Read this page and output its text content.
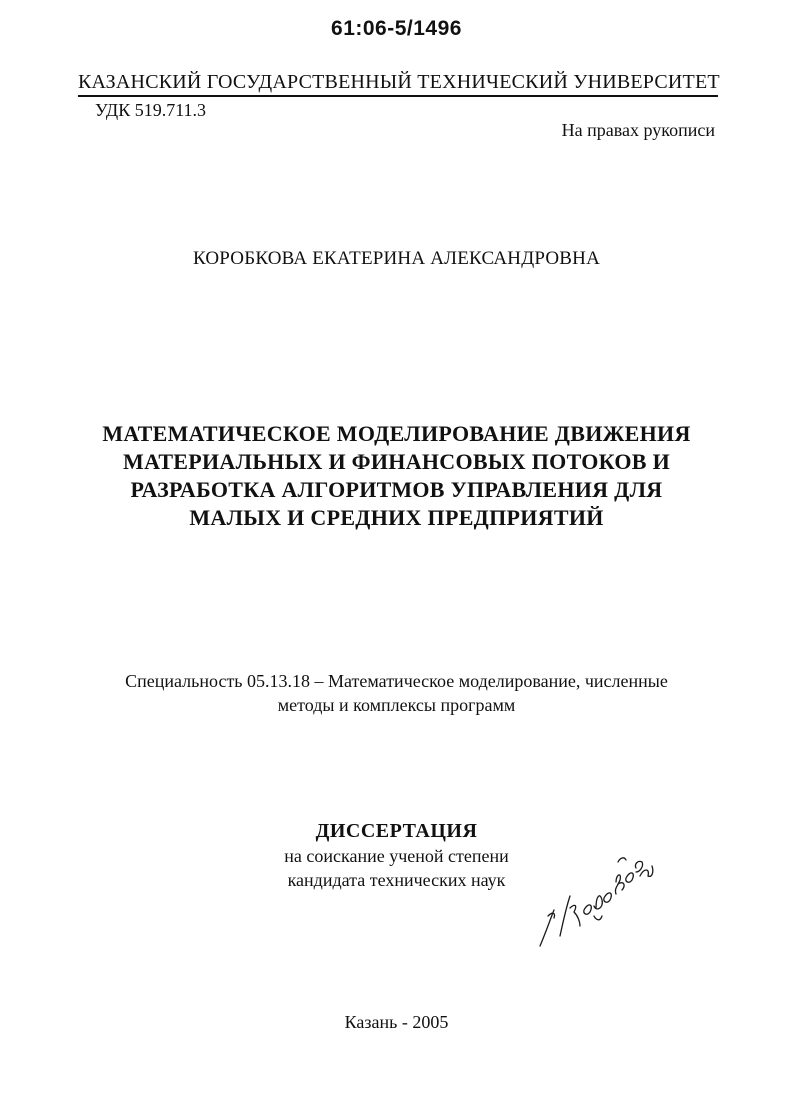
61:06-5/1496
КАЗАНСКИЙ ГОСУДАРСТВЕННЫЙ ТЕХНИЧЕСКИЙ УНИВЕРСИТЕТ
УДК 519.711.3
На правах рукописи
КОРОБКОВА ЕКАТЕРИНА АЛЕКСАНДРОВНА
МАТЕМАТИЧЕСКОЕ МОДЕЛИРОВАНИЕ ДВИЖЕНИЯ
МАТЕРИАЛЬНЫХ И ФИНАНСОВЫХ ПОТОКОВ И
РАЗРАБОТКА АЛГОРИТМОВ УПРАВЛЕНИЯ ДЛЯ
МАЛЫХ И СРЕДНИХ ПРЕДПРИЯТИЙ
Специальность 05.13.18 – Математическое моделирование, численные
методы и комплексы программ
ДИССЕРТАЦИЯ
на соискание ученой степени
кандидата технических наук
Казань - 2005
